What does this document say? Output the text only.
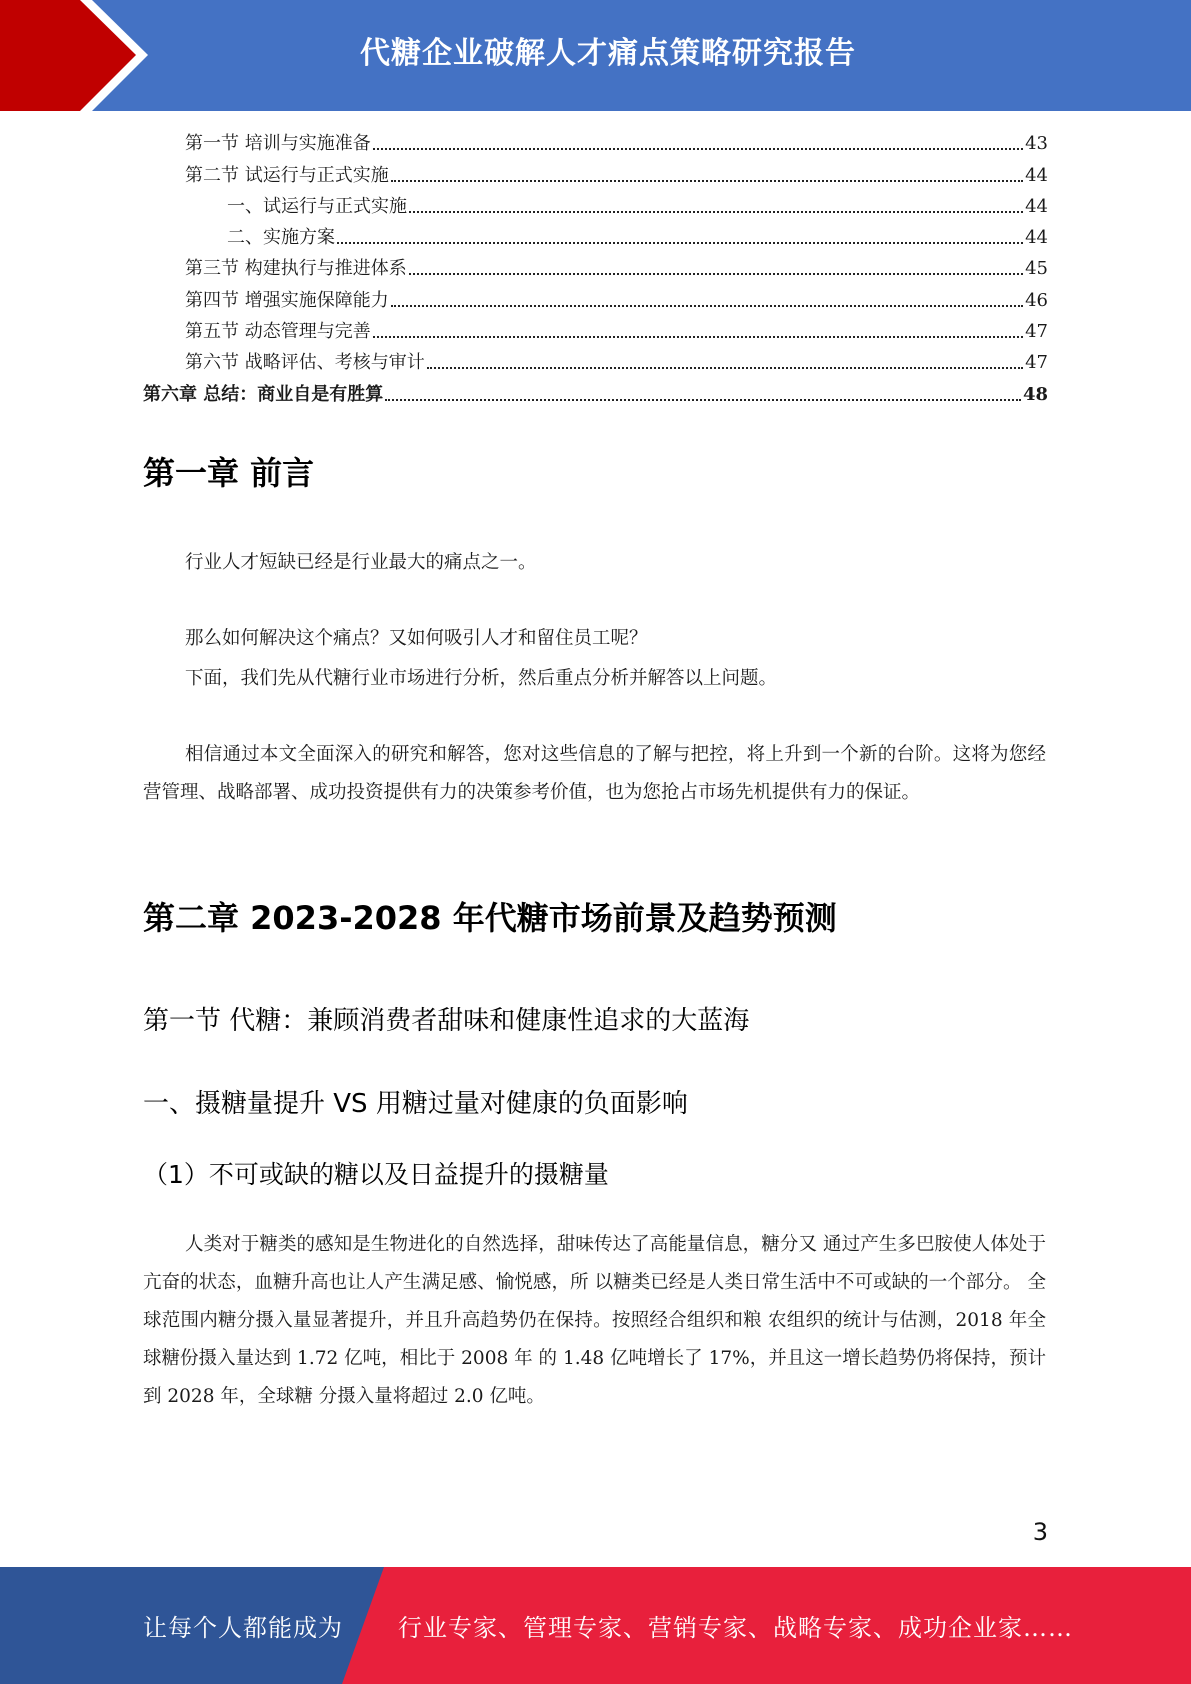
代糖企业破解人才痛点策略研究报告
第一节 培训与实施准备	43
第二节 试运行与正式实施	44
一、试运行与正式实施	44
二、实施方案	44
第三节 构建执行与推进体系	45
第四节 增强实施保障能力	46
第五节 动态管理与完善	47
第六节 战略评估、考核与审计	47
第六章 总结：商业自是有胜算	48
第一章 前言

行业人才短缺已经是行业最大的痛点之一。

那么如何解决这个痛点？又如何吸引人才和留住员工呢？

下面，我们先从代糖行业市场进行分析，然后重点分析并解答以上问题。

相信通过本文全面深入的研究和解答，您对这些信息的了解与把控，将上升到一个新的台阶。这将为您经营管理、战略部署、成功投资提供有力的决策参考价值，也为您抢占市场先机提供有力的保证。

第二章 2023-2028 年代糖市场前景及趋势预测
第一节 代糖：兼顾消费者甜味和健康性追求的大蓝海
一、摄糖量提升 VS 用糖过量对健康的负面影响
（1）不可或缺的糖以及日益提升的摄糖量

人类对于糖类的感知是生物进化的自然选择，甜味传达了高能量信息，糖分又 通过产生多巴胺使人体处于亢奋的状态，血糖升高也让人产生满足感、愉悦感，所 以糖类已经是人类日常生活中不可或缺的一个部分。 全球范围内糖分摄入量显著提升，并且升高趋势仍在保持。按照经合组织和粮 农组织的统计与估测，2018 年全球糖份摄入量达到 1.72 亿吨，相比于 2008 年 的 1.48 亿吨增长了 17%，并且这一增长趋势仍将保持，预计到 2028 年，全球糖 分摄入量将超过 2.0 亿吨。

3
让每个人都能成为 行业专家、管理专家、营销专家、战略专家、成功企业家……
